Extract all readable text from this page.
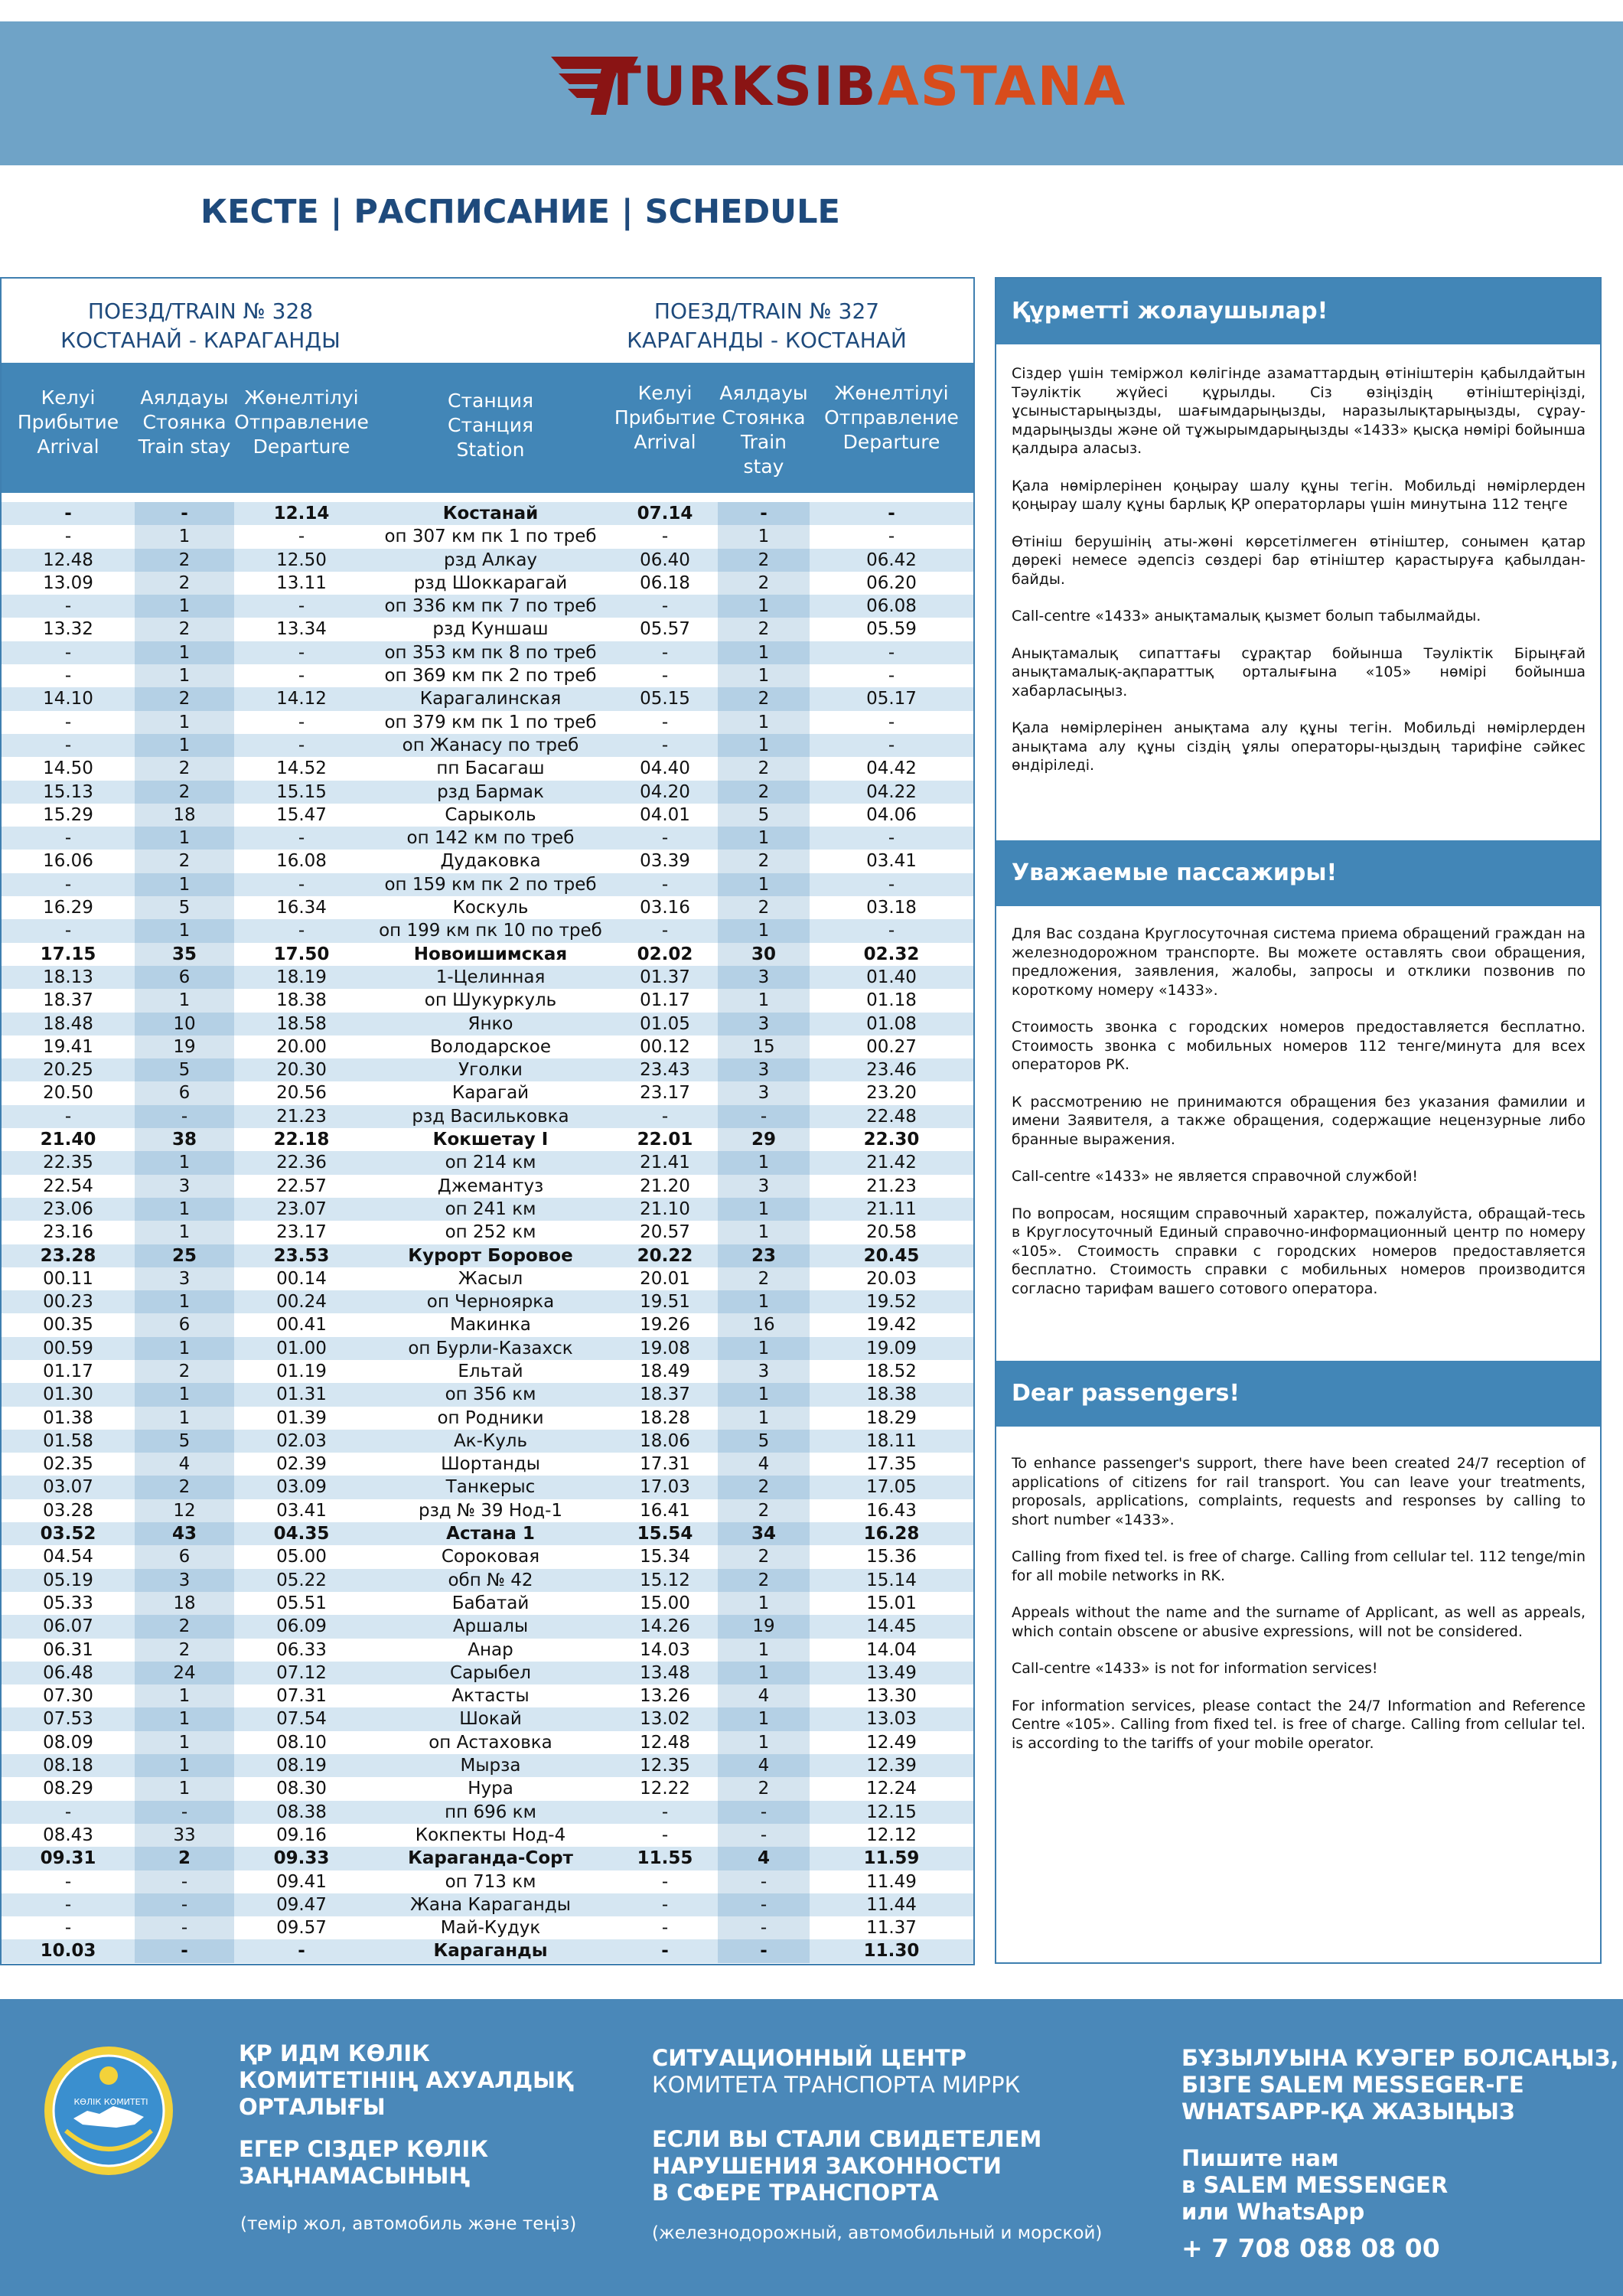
TURKSIBASTANA
КЕСТЕ | РАСПИСАНИЕ | SCHEDULE
ПОЕЗД/TRAIN № 328
КОСТАНАЙ - КАРАГАНДЫ
ПОЕЗД/TRAIN № 327
КАРАГАНДЫ - КОСТАНАЙ
Келуі
Прибытие
Arrival
Аялдауы
Стоянка
Train stay
Жөнелтілуі
Отправление
Departure
Станция
Станция
Station
Келуі
Прибытие
Arrival
Аялдауы
Стоянка
Train stay
Жөнелтілуі
Отправление
Departure
-	-	12.14	Костанай	07.14	-	-
-	1	-	оп 307 км пк 1 по треб	-	1	-
12.48	2	12.50	рзд Алкау	06.40	2	06.42
13.09	2	13.11	рзд Шоккарагай	06.18	2	06.20
-	1	-	оп 336 км пк 7 по треб	-	1	06.08
13.32	2	13.34	рзд Куншаш	05.57	2	05.59
-	1	-	оп 353 км пк 8 по треб	-	1	-
-	1	-	оп 369 км пк 2 по треб	-	1	-
14.10	2	14.12	Карагалинская	05.15	2	05.17
-	1	-	оп 379 км пк 1 по треб	-	1	-
-	1	-	оп Жанасу по треб	-	1	-
14.50	2	14.52	пп Басагаш	04.40	2	04.42
15.13	2	15.15	рзд Бармак	04.20	2	04.22
15.29	18	15.47	Сарыколь	04.01	5	04.06
-	1	-	оп 142 км по треб	-	1	-
16.06	2	16.08	Дудаковка	03.39	2	03.41
-	1	-	оп 159 км пк 2 по треб	-	1	-
16.29	5	16.34	Коскуль	03.16	2	03.18
-	1	-	оп 199 км пк 10 по треб	-	1	-
17.15	35	17.50	Новоишимская	02.02	30	02.32
18.13	6	18.19	1-Целинная	01.37	3	01.40
18.37	1	18.38	оп Шукуркуль	01.17	1	01.18
18.48	10	18.58	Янко	01.05	3	01.08
19.41	19	20.00	Володарское	00.12	15	00.27
20.25	5	20.30	Уголки	23.43	3	23.46
20.50	6	20.56	Карагай	23.17	3	23.20
-	-	21.23	рзд Васильковка	-	-	22.48
21.40	38	22.18	Кокшетау I	22.01	29	22.30
22.35	1	22.36	оп 214 км	21.41	1	21.42
22.54	3	22.57	Джемантуз	21.20	3	21.23
23.06	1	23.07	оп 241 км	21.10	1	21.11
23.16	1	23.17	оп 252 км	20.57	1	20.58
23.28	25	23.53	Курорт Боровое	20.22	23	20.45
00.11	3	00.14	Жасыл	20.01	2	20.03
00.23	1	00.24	оп Черноярка	19.51	1	19.52
00.35	6	00.41	Макинка	19.26	16	19.42
00.59	1	01.00	оп Бурли-Казахск	19.08	1	19.09
01.17	2	01.19	Ельтай	18.49	3	18.52
01.30	1	01.31	оп 356 км	18.37	1	18.38
01.38	1	01.39	оп Родники	18.28	1	18.29
01.58	5	02.03	Ак-Куль	18.06	5	18.11
02.35	4	02.39	Шортанды	17.31	4	17.35
03.07	2	03.09	Танкерыс	17.03	2	17.05
03.28	12	03.41	рзд № 39 Нод-1	16.41	2	16.43
03.52	43	04.35	Астана 1	15.54	34	16.28
04.54	6	05.00	Сороковая	15.34	2	15.36
05.19	3	05.22	обп № 42	15.12	2	15.14
05.33	18	05.51	Бабатай	15.00	1	15.01
06.07	2	06.09	Аршалы	14.26	19	14.45
06.31	2	06.33	Анар	14.03	1	14.04
06.48	24	07.12	Сарыбел	13.48	1	13.49
07.30	1	07.31	Актасты	13.26	4	13.30
07.53	1	07.54	Шокай	13.02	1	13.03
08.09	1	08.10	оп Астаховка	12.48	1	12.49
08.18	1	08.19	Мырза	12.35	4	12.39
08.29	1	08.30	Нура	12.22	2	12.24
-	-	08.38	пп 696 км	-	-	12.15
08.43	33	09.16	Кокпекты Нод-4	-	-	12.12
09.31	2	09.33	Караганда-Сорт	11.55	4	11.59
-	-	09.41	оп 713 км	-	-	11.49
-	-	09.47	Жана Караганды	-	-	11.44
-	-	09.57	Май-Кудук	-	-	11.37
10.03	-	-	Караганды	-	-	11.30
Құрметті жолаушылар!

Сіздер үшін теміржол көлігінде азаматтардың өтініштерін қабылдайтын Тәуліктік жүйесі құрылды. Сіз өзіңіздің өтініштеріңізді, ұсыныстарыңызды, шағымдарыңызды, наразылықтарыңызды, сұрау-мдарыңызды және ой тұжырымдарыңызды «1433» қысқа нөмірі бойынша қалдыра аласыз.

Қала нөмірлерінен қоңырау шалу құны тегін. Мобильді нөмірлерден қоңырау шалу құны барлық ҚР операторлары үшін минутына 112 теңге

Өтініш берушінің аты-жөні көрсетілмеген өтініштер, сонымен қатар дөрекі немесе әдепсіз сөздері бар өтініштер қарастыруға қабылдан-байды.

Call-centre «1433» анықтамалық қызмет болып табылмайды.

Анықтамалық сипаттағы сұрақтар бойынша Тәуліктік Бірыңғай анықтамалық-ақпараттық орталығына «105» нөмірі бойынша хабарласыңыз.

Қала нөмірлерінен анықтама алу құны тегін. Мобильді нөмірлерден анықтама алу құны сіздің ұялы операторы-ңыздың тарифіне сәйкес өндіріледі.

Уважаемые пассажиры!

Для Вас создана Круглосуточная система приема обращений граждан на железнодорожном транспорте. Вы можете оставлять свои обращения, предложения, заявления, жалобы, запросы и отклики позвонив по короткому номеру «1433».

Стоимость звонка с городских номеров предоставляется бесплатно. Стоимость звонка с мобильных номеров 112 тенге/минута для всех операторов РК.

К рассмотрению не принимаются обращения без указания фамилии и имени Заявителя, а также обращения, содержащие нецензурные либо бранные выражения.

Call-centre «1433» не является справочной службой!

По вопросам, носящим справочный характер, пожалуйста, обращай-тесь в Круглосуточный Единый справочно-информационный центр по номеру «105». Стоимость справки с городских номеров предоставляется бесплатно. Стоимость справки с мобильных номеров производится согласно тарифам вашего сотового оператора.

Dear passengers!

To enhance passenger's support, there have been created 24/7 reception of applications of citizens for rail transport. You can leave your treatments, proposals, applications, complaints, requests and responses by calling to short number «1433».

Calling from fixed tel. is free of charge. Calling from cellular tel. 112 tenge/min for all mobile networks in RK.

Appeals without the name and the surname of Applicant, as well as appeals, which contain obscene or abusive expressions, will not be considered.

Call-centre «1433» is not for information services!

For information services, please contact the 24/7 Information and Reference Centre «105». Calling from fixed tel. is free of charge. Calling from cellular tel. is according to the tariffs of your mobile operator.

КӨЛІК КОМИТЕТІ
ҚР ИДМ КӨЛІК
КОМИТЕТІНІҢ АХУАЛДЫҚ
ОРТАЛЫҒЫ
ЕГЕР СІЗДЕР КӨЛІК
ЗАҢНАМАСЫНЫҢ
(темір жол, автомобиль және теңіз)
СИТУАЦИОННЫЙ ЦЕНТР
КОМИТЕТА ТРАНСПОРТА МИРРК
ЕСЛИ ВЫ СТАЛИ СВИДЕТЕЛЕМ
НАРУШЕНИЯ ЗАКОННОСТИ
В СФЕРЕ ТРАНСПОРТА
(железнодорожный, автомобильный и морской)
БҰЗЫЛУЫНА КУӘГЕР БОЛСАҢЫЗ,
БІЗГЕ SALEM MESSEGER-ГЕ
WHATSAPP-ҚА ЖАЗЫҢЫЗ
Пишите нам
в SALEM MESSENGER
или WhatsApp
+ 7 708 088 08 00
